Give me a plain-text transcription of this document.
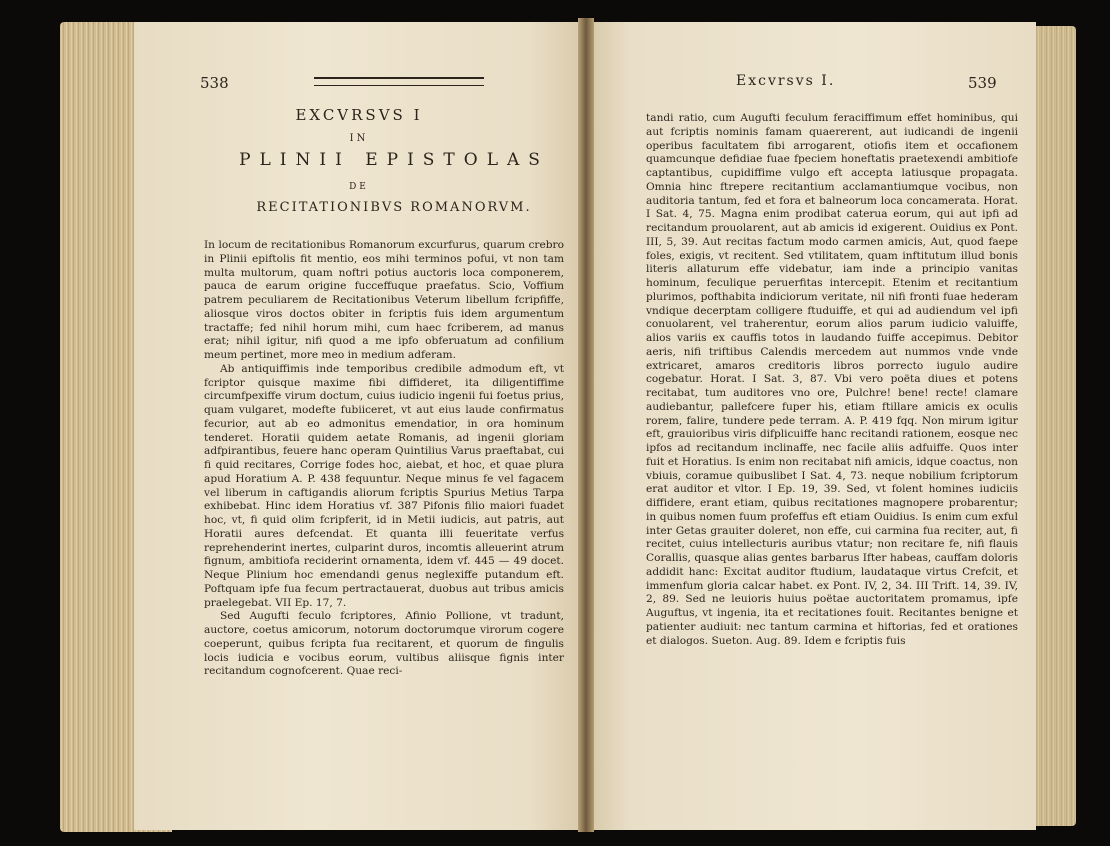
538
EXCVRSVS I
IN
PLINII EPISTOLAS
DE
RECITATIONIBVS ROMANORVM.

In locum de recitationibus Romanorum excurfurus, quarum crebro in Plinii epiftolis fit mentio, eos mihi terminos pofui, vt non tam multa multorum, quam noftri potius auctoris loca componerem, pauca de earum origine fucceffuque praefatus. Scio, Voffium patrem peculiarem de Recitationibus Veterum libellum fcripfiffe, aliosque viros doctos obiter in fcriptis fuis idem argumentum tractaffe; fed nihil horum mihi, cum haec fcriberem, ad manus erat; nihil igitur, nifi quod a me ipfo obferuatum ad confilium meum pertinet, more meo in medium adferam.

Ab antiquiffimis inde temporibus credibile admodum eft, vt fcriptor quisque maxime fibi diffideret, ita diligentiffime circumfpexiffe virum doctum, cuius iudicio ingenii fui foetus prius, quam vulgaret, modefte fubiiceret, vt aut eius laude confirmatus fecurior, aut ab eo admonitus emendatior, in ora hominum tenderet. Horatii quidem aetate Romanis, ad ingenii gloriam adfpirantibus, feuere hanc operam Quintilius Varus praeftabat, cui fi quid recitares, Corrige fodes hoc, aiebat, et hoc, et quae plura apud Horatium A. P. 438 fequuntur. Neque minus fe vel fagacem vel liberum in caftigandis aliorum fcriptis Spurius Metius Tarpa exhibebat. Hinc idem Horatius vf. 387 Pifonis filio maiori fuadet hoc, vt, fi quid olim fcripferit, id in Metii iudicis, aut patris, aut Horatii aures defcendat. Et quanta illi feueritate verfus reprehenderint inertes, culparint duros, incomtis alleuerint atrum fignum, ambitiofa reciderint ornamenta, idem vf. 445 — 49 docet. Neque Plinium hoc emendandi genus neglexiffe putandum eft. Poftquam ipfe fua fecum pertractauerat, duobus aut tribus amicis praelegebat. VII Ep. 17, 7.

Sed Augufti feculo fcriptores, Afinio Pollione, vt tradunt, auctore, coetus amicorum, notorum doctorumque virorum cogere coeperunt, quibus fcripta fua recitarent, et quorum de fingulis locis iudicia e vocibus eorum, vultibus aliisque fignis inter recitandum cognofcerent. Quae reci-

Excvrsvs I.	539

tandi ratio, cum Augufti feculum feraciffimum effet hominibus, qui aut fcriptis nominis famam quaererent, aut iudicandi de ingenii operibus facultatem fibi arrogarent, otiofis item et occafionem quamcunque defidiae fuae fpeciem honeftatis praetexendi ambitiofe captantibus, cupidiffime vulgo eft accepta latiusque propagata. Omnia hinc ftrepere recitantium acclamantiumque vocibus, non auditoria tantum, fed et fora et balneorum loca concamerata. Horat. I Sat. 4, 75. Magna enim prodibat caterua eorum, qui aut ipfi ad recitandum prouolarent, aut ab amicis id exigerent. Ouidius ex Pont. III, 5, 39. Aut recitas factum modo carmen amicis, Aut, quod faepe foles, exigis, vt recitent. Sed vtilitatem, quam inftitutum illud bonis literis allaturum effe videbatur, iam inde a principio vanitas hominum, feculique peruerfitas intercepit. Etenim et recitantium plurimos, pofthabita indiciorum veritate, nil nifi fronti fuae hederam vndique decerptam colligere ftuduiffe, et qui ad audiendum vel ipfi conuolarent, vel traherentur, eorum alios parum iudicio valuiffe, alios variis ex cauffis totos in laudando fuiffe accepimus. Debitor aeris, nifi triftibus Calendis mercedem aut nummos vnde vnde extricaret, amaros creditoris libros porrecto iugulo audire cogebatur. Horat. I Sat. 3, 87. Vbi vero poëta diues et potens recitabat, tum auditores vno ore, Pulchre! bene! recte! clamare audiebantur, pallefcere fuper his, etiam ftillare amicis ex oculis rorem, falire, tundere pede terram. A. P. 419 fqq. Non mirum igitur eft, grauioribus viris difplicuiffe hanc recitandi rationem, eosque nec ipfos ad recitandum inclinaffe, nec facile aliis adfuiffe. Quos inter fuit et Horatius. Is enim non recitabat nifi amicis, idque coactus, non vbiuis, coramue quibuslibet I Sat. 4, 73. neque nobilium fcriptorum erat auditor et vltor. I Ep. 19, 39. Sed, vt folent homines iudiciis diffidere, erant etiam, quibus recitationes magnopere probarentur; in quibus nomen fuum profeffus eft etiam Ouidius. Is enim cum exful inter Getas grauiter doleret, non effe, cui carmina fua reciter, aut, fi recitet, cuius intellecturis auribus vtatur; non recitare fe, nifi flauis Corallis, quasque alias gentes barbarus Ifter habeas, cauffam doloris addidit hanc: Excitat auditor ftudium, laudataque virtus Crefcit, et immenfum gloria calcar habet. ex Pont. IV, 2, 34. III Trift. 14, 39. IV, 2, 89. Sed ne leuioris huius poëtae auctoritatem promamus, ipfe Auguftus, vt ingenia, ita et recitationes fouit. Recitantes benigne et patienter audiuit: nec tantum carmina et hiftorias, fed et orationes et dialogos. Sueton. Aug. 89. Idem e fcriptis fuis
